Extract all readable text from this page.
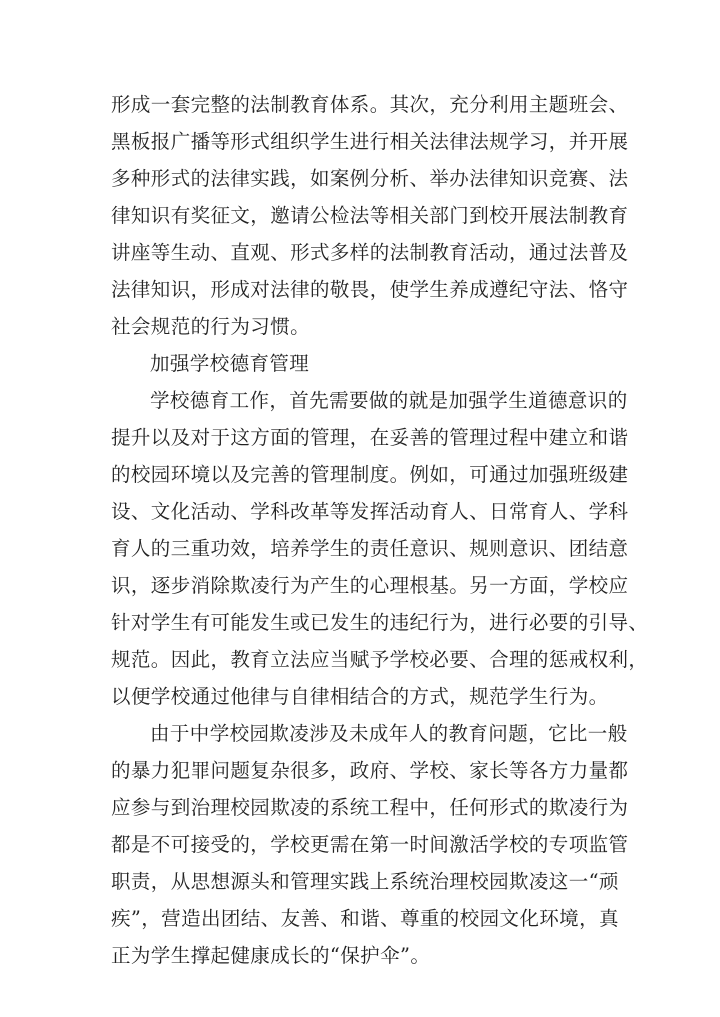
形成一套完整的法制教育体系。其次，充分利用主题班会、
黑板报广播等形式组织学生进行相关法律法规学习，并开展
多种形式的法律实践，如案例分析、举办法律知识竞赛、法
律知识有奖征文，邀请公检法等相关部门到校开展法制教育
讲座等生动、直观、形式多样的法制教育活动，通过法普及
法律知识，形成对法律的敬畏，使学生养成遵纪守法、恪守
社会规范的行为习惯。
加强学校德育管理
学校德育工作，首先需要做的就是加强学生道德意识的
提升以及对于这方面的管理，在妥善的管理过程中建立和谐
的校园环境以及完善的管理制度。例如，可通过加强班级建
设、文化活动、学科改革等发挥活动育人、日常育人、学科
育人的三重功效，培养学生的责任意识、规则意识、团结意
识，逐步消除欺凌行为产生的心理根基。另一方面，学校应
针对学生有可能发生或已发生的违纪行为，进行必要的引导、
规范。因此，教育立法应当赋予学校必要、合理的惩戒权利，
以便学校通过他律与自律相结合的方式，规范学生行为。
由于中学校园欺凌涉及未成年人的教育问题，它比一般
的暴力犯罪问题复杂很多，政府、学校、家长等各方力量都
应参与到治理校园欺凌的系统工程中，任何形式的欺凌行为
都是不可接受的，学校更需在第一时间激活学校的专项监管
职责，从思想源头和管理实践上系统治理校园欺凌这一“顽
疾”，营造出团结、友善、和谐、尊重的校园文化环境，真
正为学生撑起健康成长的“保护伞”。
